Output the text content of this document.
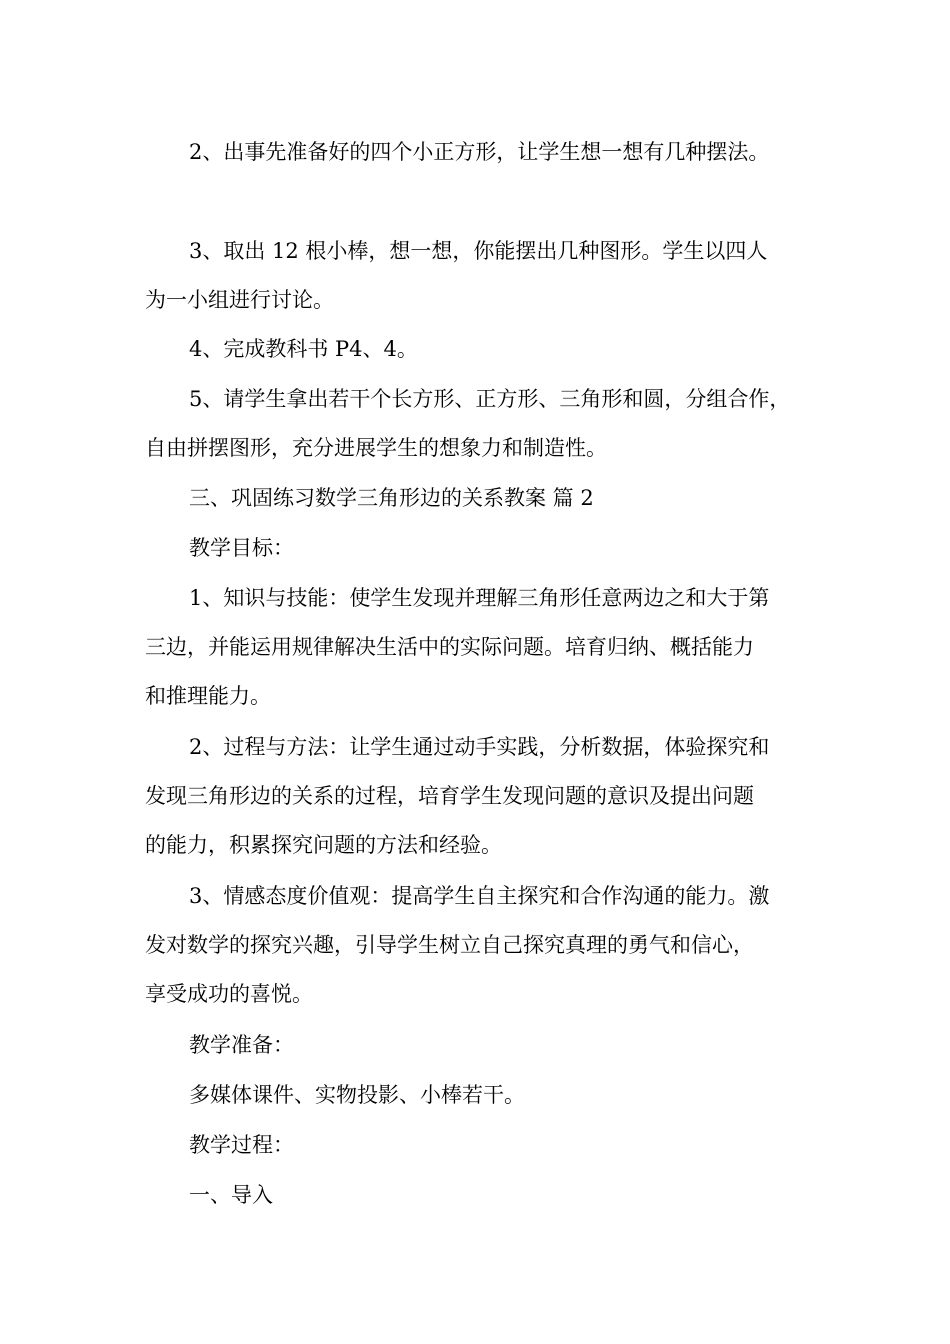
2、出事先准备好的四个小正方形，让学生想一想有几种摆法。
3、取出 12 根小棒，想一想，你能摆出几种图形。学生以四人
为一小组进行讨论。
4、完成教科书 P4、4。
5、请学生拿出若干个长方形、正方形、三角形和圆，分组合作，
自由拼摆图形，充分进展学生的想象力和制造性。
三、巩固练习数学三角形边的关系教案 篇 2
教学目标：
1、知识与技能：使学生发现并理解三角形任意两边之和大于第
三边，并能运用规律解决生活中的实际问题。培育归纳、概括能力
和推理能力。
2、过程与方法：让学生通过动手实践，分析数据，体验探究和
发现三角形边的关系的过程，培育学生发现问题的意识及提出问题
的能力，积累探究问题的方法和经验。
3、情感态度价值观：提高学生自主探究和合作沟通的能力。激
发对数学的探究兴趣，引导学生树立自己探究真理的勇气和信心，
享受成功的喜悦。
教学准备：
多媒体课件、实物投影、小棒若干。
教学过程：
一、导入
